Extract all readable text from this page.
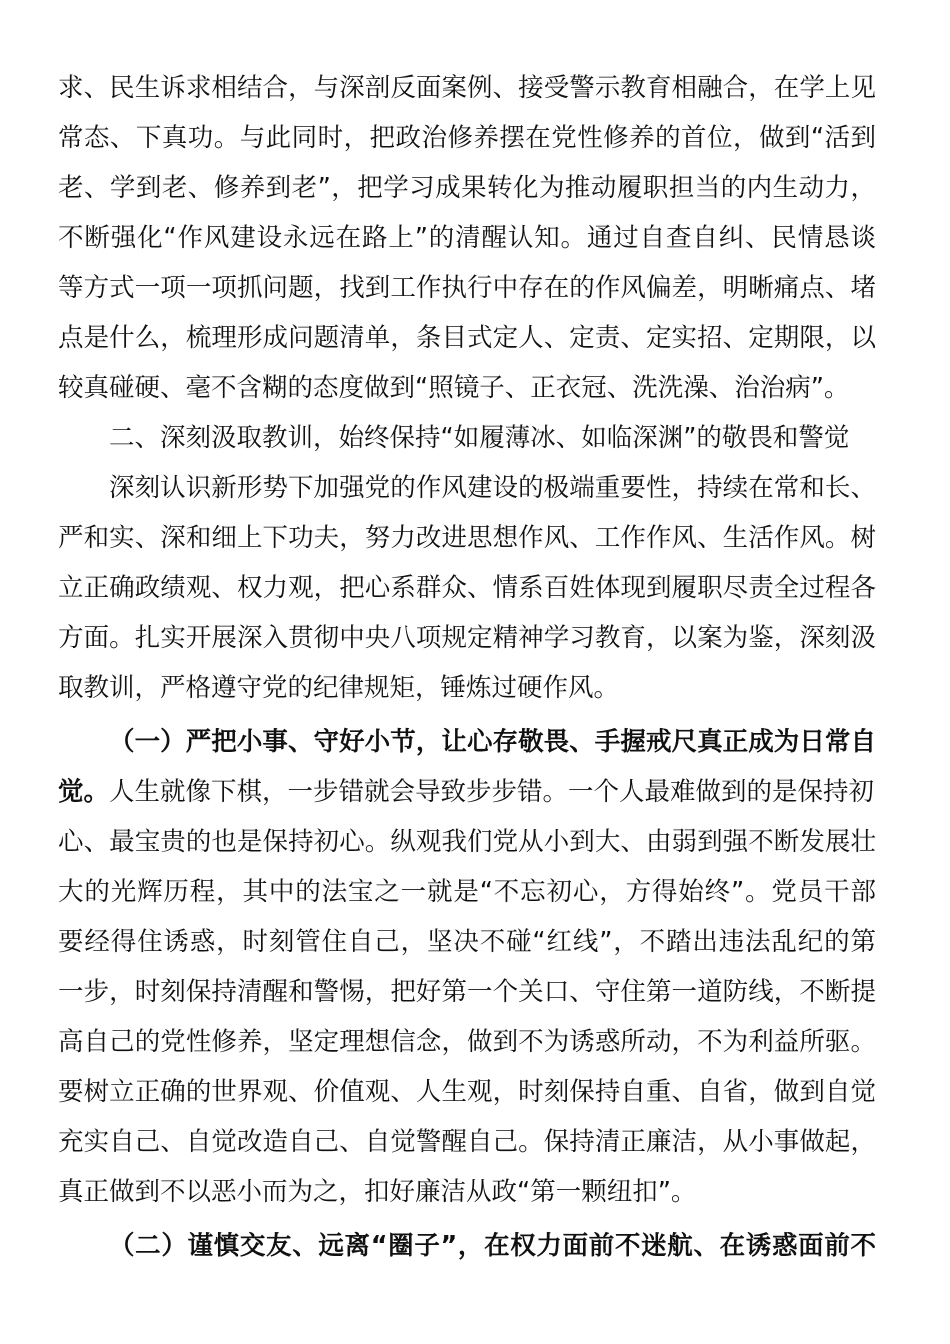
求、民生诉求相结合，与深剖反面案例、接受警示教育相融合，在学上见
常态、下真功。与此同时，把政治修养摆在党性修养的首位，做到“活到
老、学到老、修养到老”，把学习成果转化为推动履职担当的内生动力，
不断强化“作风建设永远在路上”的清醒认知。通过自查自纠、民情恳谈
等方式一项一项抓问题，找到工作执行中存在的作风偏差，明晰痛点、堵
点是什么，梳理形成问题清单，条目式定人、定责、定实招、定期限，以
较真碰硬、毫不含糊的态度做到“照镜子、正衣冠、洗洗澡、治治病”。
二、深刻汲取教训，始终保持“如履薄冰、如临深渊”的敬畏和警觉
深刻认识新形势下加强党的作风建设的极端重要性，持续在常和长、
严和实、深和细上下功夫，努力改进思想作风、工作作风、生活作风。树
立正确政绩观、权力观，把心系群众、情系百姓体现到履职尽责全过程各
方面。扎实开展深入贯彻中央八项规定精神学习教育，以案为鉴，深刻汲
取教训，严格遵守党的纪律规矩，锤炼过硬作风。
（一）严把小事、守好小节，让心存敬畏、手握戒尺真正成为日常自
觉。人生就像下棋，一步错就会导致步步错。一个人最难做到的是保持初
心、最宝贵的也是保持初心。纵观我们党从小到大、由弱到强不断发展壮
大的光辉历程，其中的法宝之一就是“不忘初心，方得始终”。党员干部
要经得住诱惑，时刻管住自己，坚决不碰“红线”，不踏出违法乱纪的第
一步，时刻保持清醒和警惕，把好第一个关口、守住第一道防线，不断提
高自己的党性修养，坚定理想信念，做到不为诱惑所动，不为利益所驱。
要树立正确的世界观、价值观、人生观，时刻保持自重、自省，做到自觉
充实自己、自觉改造自己、自觉警醒自己。保持清正廉洁，从小事做起，
真正做到不以恶小而为之，扣好廉洁从政“第一颗纽扣”。
（二）谨慎交友、远离“圈子”，在权力面前不迷航、在诱惑面前不
